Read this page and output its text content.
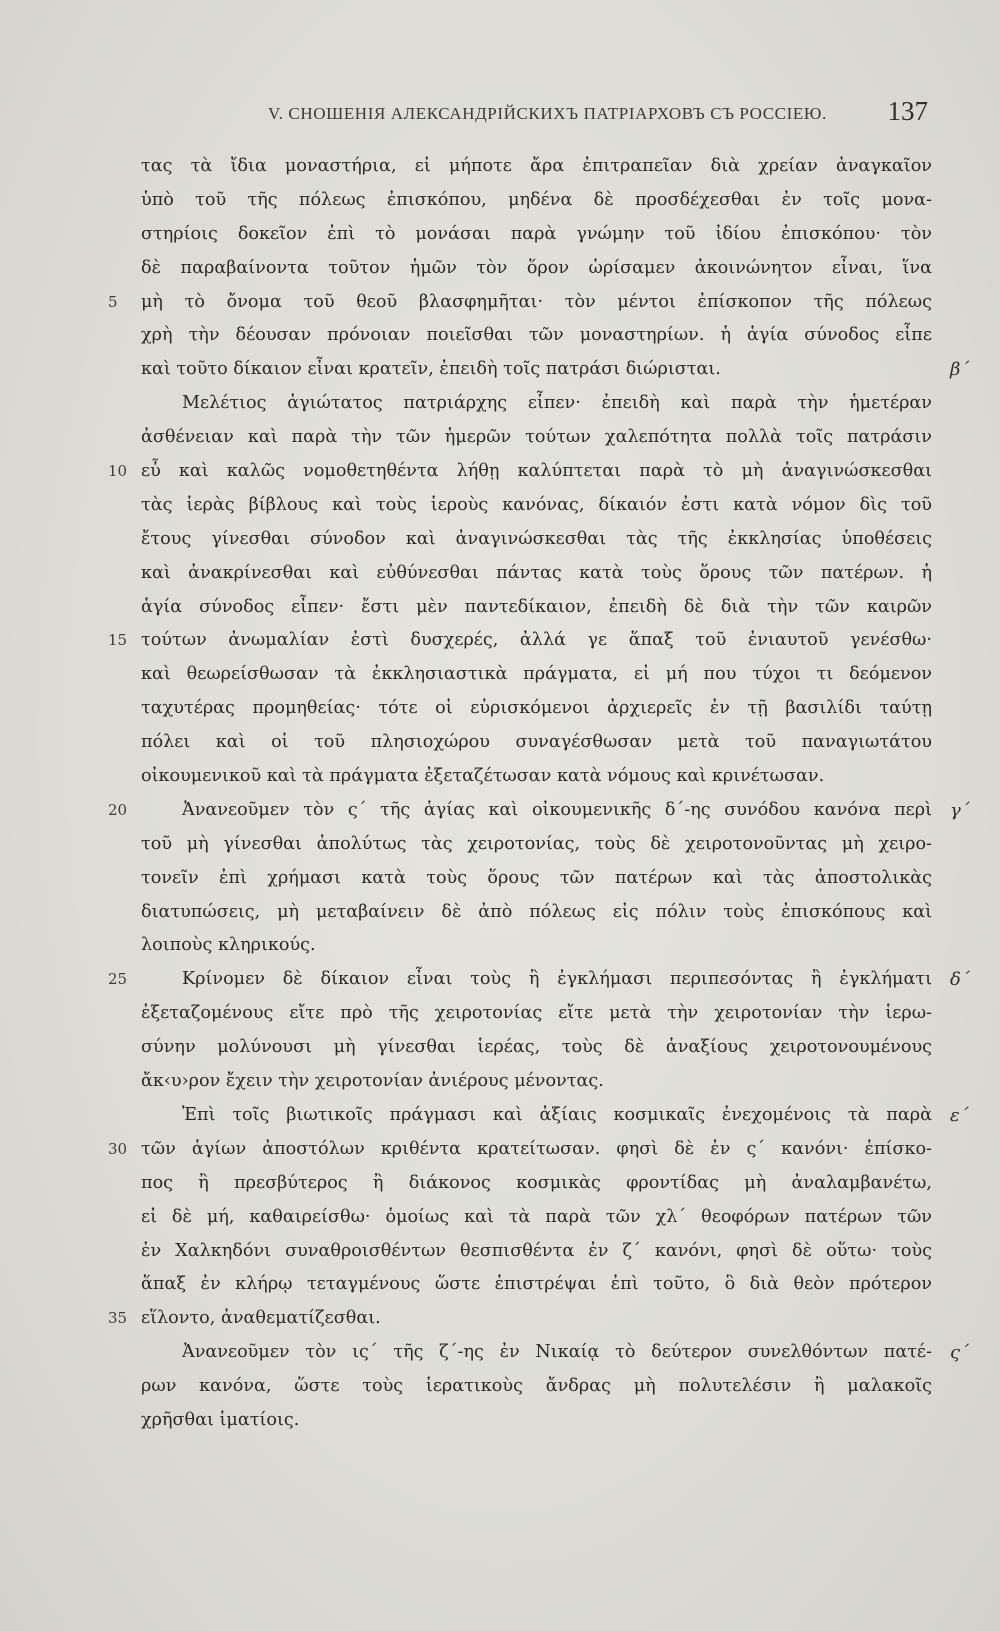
V. СНОШЕНІЯ АЛЕКСАНДРІЙСКИХЪ ПАТРІАРХОВЪ СЪ РОССІЕЮ. 137
τας τὰ ἴδια μοναστήρια, εἰ μήποτε ἄρα ἐπιτραπεῖαν διὰ χρείαν ἀναγκαῖον
ὑπὸ τοῦ τῆς πόλεως ἐπισκόπου, μηδένα δὲ προσδέχεσθαι ἐν τοῖς μονα-
στηρίοις δοκεῖον ἐπὶ τὸ μονάσαι παρὰ γνώμην τοῦ ἰδίου ἐπισκόπου· τὸν
δὲ παραβαίνοντα τοῦτον ἡμῶν τὸν ὅρον ὡρίσαμεν ἀκοινώνητον εἶναι, ἵνα
5	μὴ τὸ ὄνομα τοῦ θεοῦ βλασφημῆται· τὸν μέντοι ἐπίσκοπον τῆς πόλεως
χρὴ τὴν δέουσαν πρόνοιαν ποιεῖσθαι τῶν μοναστηρίων. ἡ ἁγία σύνοδος εἶπε
καὶ τοῦτο δίκαιον εἶναι κρατεῖν, ἐπειδὴ τοῖς πατράσι διώρισται.	β´
Μελέτιος ἁγιώτατος πατριάρχης εἶπεν· ἐπειδὴ καὶ παρὰ τὴν ἡμετέραν
ἀσθένειαν καὶ παρὰ τὴν τῶν ἡμερῶν τούτων χαλεπότητα πολλὰ τοῖς πατράσιν
10 εὖ καὶ καλῶς νομοθετηθέντα λήθῃ καλύπτεται παρὰ τὸ μὴ ἀναγινώσκεσθαι
τὰς ἱερὰς βίβλους καὶ τοὺς ἱεροὺς κανόνας, δίκαιόν ἐστι κατὰ νόμον δὶς τοῦ
ἔτους γίνεσθαι σύνοδον καὶ ἀναγινώσκεσθαι τὰς τῆς ἐκκλησίας ὑποθέσεις
καὶ ἀνακρίνεσθαι καὶ εὐθύνεσθαι πάντας κατὰ τοὺς ὅρους τῶν πατέρων. ἡ
ἁγία σύνοδος εἶπεν· ἔστι μὲν παντεδίκαιον, ἐπειδὴ δὲ διὰ τὴν τῶν καιρῶν
15 τούτων ἀνωμαλίαν ἐστὶ δυσχερές, ἀλλά γε ἅπαξ τοῦ ἐνιαυτοῦ γενέσθω·
καὶ θεωρείσθωσαν τὰ ἐκκλησιαστικὰ πράγματα, εἰ μή που τύχοι τι δεόμενον
ταχυτέρας προμηθείας· τότε οἱ εὑρισκόμενοι ἀρχιερεῖς ἐν τῇ βασιλίδι ταύτῃ
πόλει καὶ οἱ τοῦ πλησιοχώρου συναγέσθωσαν μετὰ τοῦ παναγιωτάτου
οἰκουμενικοῦ καὶ τὰ πράγματα ἐξεταζέτωσαν κατὰ νόμους καὶ κρινέτωσαν.
20	Ἀνανεοῦμεν τὸν ς´ τῆς ἁγίας καὶ οἰκουμενικῆς δ´-ης συνόδου κανόνα περὶ γ´
τοῦ μὴ γίνεσθαι ἀπολύτως τὰς χειροτονίας, τοὺς δὲ χειροτονοῦντας μὴ χειρο-
τονεῖν ἐπὶ χρήμασι κατὰ τοὺς ὅρους τῶν πατέρων καὶ τὰς ἀποστολικὰς
διατυπώσεις, μὴ μεταβαίνειν δὲ ἀπὸ πόλεως εἰς πόλιν τοὺς ἐπισκόπους καὶ
λοιποὺς κληρικούς.
25	Κρίνομεν δὲ δίκαιον εἶναι τοὺς ἢ ἐγκλήμασι περιπεσόντας ἢ ἐγκλήματι δ´
ἐξεταζομένους εἴτε πρὸ τῆς χειροτονίας εἴτε μετὰ τὴν χειροτονίαν τὴν ἱερω-
σύνην μολύνουσι μὴ γίνεσθαι ἱερέας, τοὺς δὲ ἀναξίους χειροτονουμένους
ἄκ‹υ›ρον ἔχειν τὴν χειροτονίαν ἀνιέρους μένοντας.
Ἐπὶ τοῖς βιωτικοῖς πράγμασι καὶ ἀξίαις κοσμικαῖς ἐνεχομένοις τὰ παρὰ ε´
30 τῶν ἁγίων ἀποστόλων κριθέντα κρατείτωσαν. φησὶ δὲ ἐν ς´ κανόνι· ἐπίσκο-
πος ἢ πρεσβύτερος ἢ διάκονος κοσμικὰς φροντίδας μὴ ἀναλαμβανέτω,
εἰ δὲ μή, καθαιρείσθω· ὁμοίως καὶ τὰ παρὰ τῶν χλ´ θεοφόρων πατέρων τῶν
ἐν Χαλκηδόνι συναθροισθέντων θεσπισθέντα ἐν ζ´ κανόνι, φησὶ δὲ οὕτω· τοὺς
ἅπαξ ἐν κλήρῳ τεταγμένους ὥστε ἐπιστρέψαι ἐπὶ τοῦτο, ὃ διὰ θεὸν πρότερον
35 εἵλοντο, ἀναθεματίζεσθαι.
Ἀνανεοῦμεν τὸν ις´ τῆς ζ´-ης ἐν Νικαίᾳ τὸ δεύτερον συνελθόντων πατέ- ς´
ρων κανόνα, ὥστε τοὺς ἱερατικοὺς ἄνδρας μὴ πολυτελέσιν ἢ μαλακοῖς
χρῆσθαι ἱματίοις.
